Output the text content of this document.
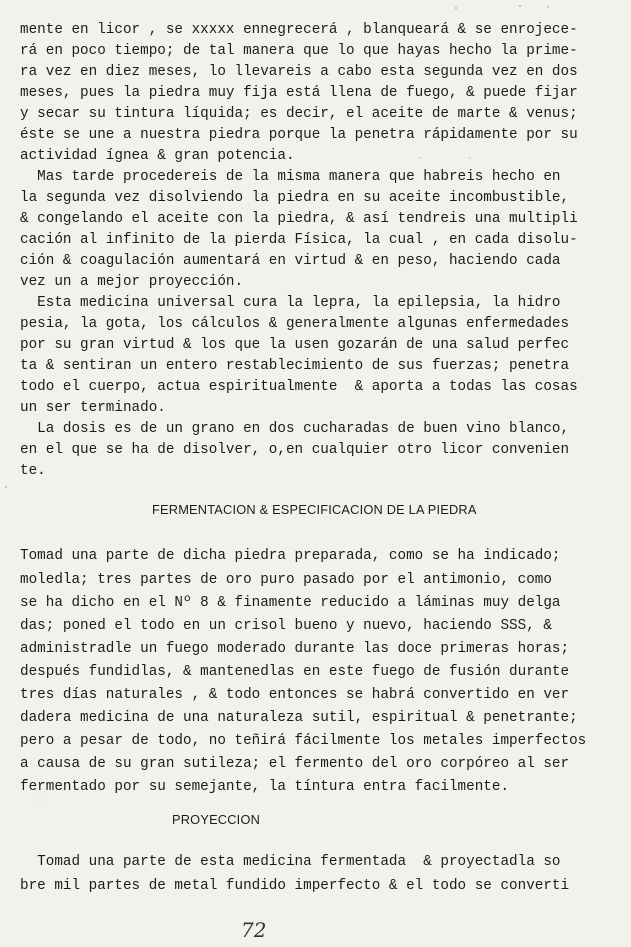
mente en licor , se xxxxx ennegrecerá , blanqueará & se enrojece-
rá en poco tiempo; de tal manera que lo que hayas hecho la prime-
ra vez en diez meses, lo llevareis a cabo esta segunda vez en dos
meses, pues la piedra muy fija está llena de fuego, & puede fijar
y secar su tintura líquida; es decir, el aceite de marte & venus;
éste se une a nuestra piedra porque la penetra rápidamente por su
actividad ígnea & gran potencia.
Mas tarde procedereis de la misma manera que habreis hecho en
la segunda vez disolviendo la piedra en su aceite incombustible,
& congelando el aceite con la piedra, & así tendreis una multipli
cación al infinito de la pierda Física, la cual , en cada disolu-
ción & coagulación aumentará en virtud & en peso, haciendo cada
vez un a mejor proyección.
Esta medicina universal cura la lepra, la epilepsia, la hidro
pesia, la gota, los cálculos & generalmente algunas enfermedades
por su gran virtud & los que la usen gozarán de una salud perfec
ta & sentiran un entero restablecimiento de sus fuerzas; penetra
todo el cuerpo, actua espiritualmente  & aporta a todas las cosas
un ser terminado.
La dosis es de un grano en dos cucharadas de buen vino blanco,
en el que se ha de disolver, o,en cualquier otro licor convenien
te.
FERMENTACION & ESPECIFICACION DE LA PIEDRA
Tomad una parte de dicha piedra preparada, como se ha indicado;
moledla; tres partes de oro puro pasado por el antimonio, como
se ha dicho en el Nº 8 & finamente reducido a láminas muy delga
das; poned el todo en un crisol bueno y nuevo, haciendo SSS, &
administradle un fuego moderado durante las doce primeras horas;
después fundidlas, & mantenedlas en este fuego de fusión durante
tres días naturales , & todo entonces se habrá convertido en ver
dadera medicina de una naturaleza sutil, espiritual & penetrante;
pero a pesar de todo, no teñirá fácilmente los metales imperfectos
a causa de su gran sutileza; el fermento del oro corpóreo al ser
fermentado por su semejante, la tíntura entra facilmente.
PROYECCION
Tomad una parte de esta medicina fermentada  & proyectadla so
bre mil partes de metal fundido imperfecto & el todo se converti
72
